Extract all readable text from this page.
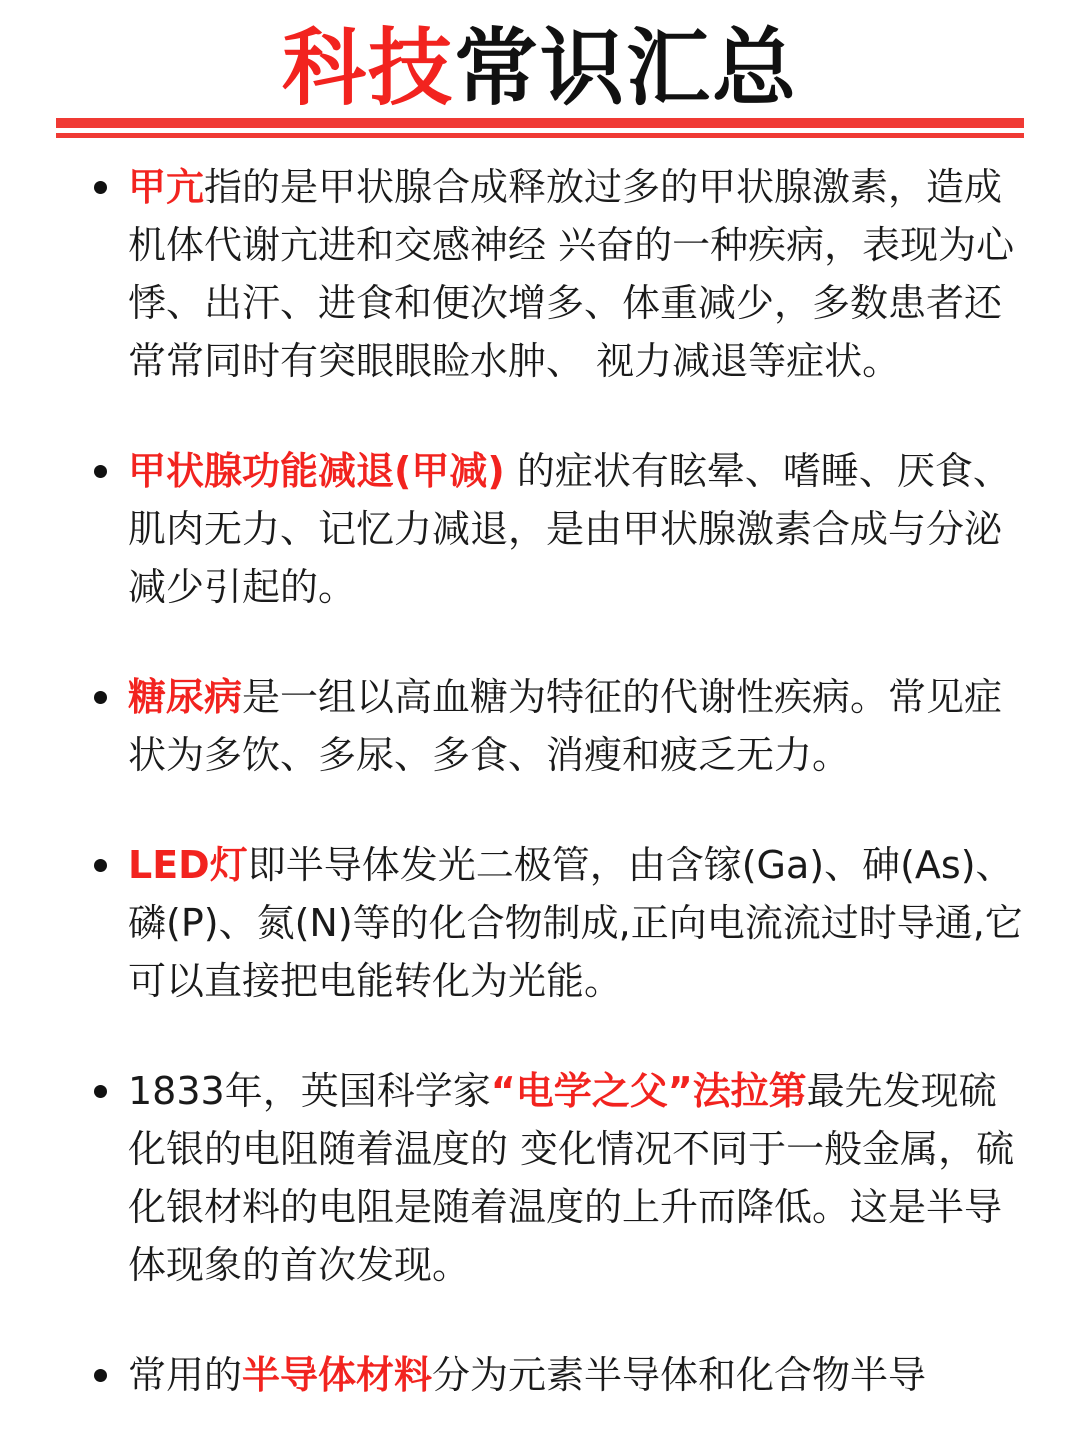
科技常识汇总
甲亢指的是甲状腺合成释放过多的甲状腺激素，造成机体代谢亢进和交感神经 兴奋的一种疾病，表现为心悸、出汗、进食和便次增多、体重减少，多数患者还常常同时有突眼眼睑水肿、 视力减退等症状。
甲状腺功能减退(甲减) 的症状有眩晕、嗜睡、厌食、肌肉无力、记忆力减退，是由甲状腺激素合成与分泌减少引起的。
糖尿病是一组以高血糖为特征的代谢性疾病。常见症状为多饮、多尿、多食、消瘦和疲乏无力。
LED灯即半导体发光二极管，由含镓(Ga)、砷(As)、磷(P)、氮(N)等的化合物制成,正向电流流过时导通,它可以直接把电能转化为光能。
1833年，英国科学家“电学之父”法拉第最先发现硫化银的电阻随着温度的 变化情况不同于一般金属，硫化银材料的电阻是随着温度的上升而降低。这是半导体现象的首次发现。
常用的半导体材料分为元素半导体和化合物半导
